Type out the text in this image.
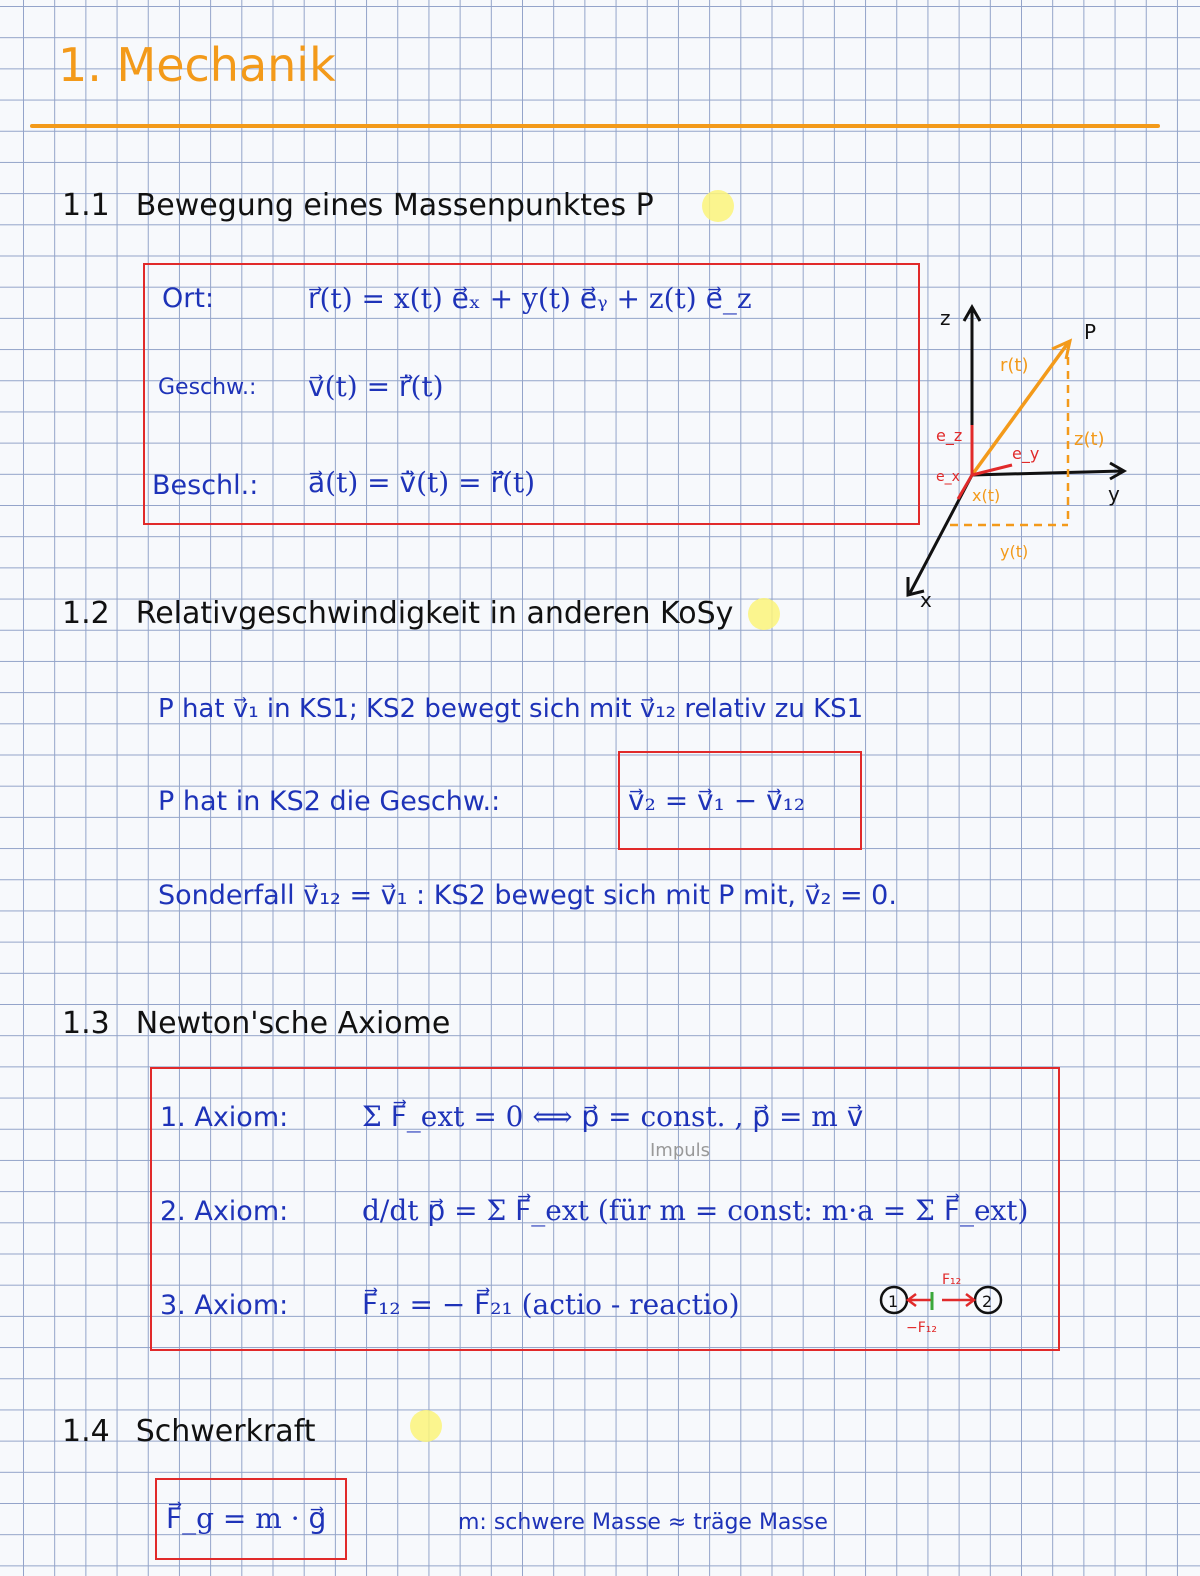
1. Mechanik
1.1 Bewegung eines Massenpunktes P
Ort:	r⃗(t) = x(t) e⃗ₓ + y(t) e⃗ᵧ + z(t) e⃗_z
Geschw.: v⃗(t) = r⃗̇(t)
Beschl.: a⃗(t) = v⃗̇(t) = r⃗̈(t)
z
y
x
P
r(t)
z(t)
x(t)
y(t)
e_z
e_y
e_x
1.2 Relativgeschwindigkeit in anderen KoSy
P hat v⃗₁ in KS1; KS2 bewegt sich mit v⃗₁₂ relativ zu KS1
P hat in KS2 die Geschw.:	v⃗₂ = v⃗₁ − v⃗₁₂
Sonderfall v⃗₁₂ = v⃗₁ : KS2 bewegt sich mit P mit, v⃗₂ = 0.
1.3 Newton'sche Axiome
1. Axiom:	Σ F⃗_ext = 0 ⟺ p⃗ = const. , p⃗ = m v⃗
Impuls
2. Axiom:	d/dt p⃗ = Σ F⃗_ext (für m = const: m·a = Σ F⃗_ext)
3. Axiom:	F⃗₁₂ = − F⃗₂₁ (actio - reactio)	1	2
F₁₂
−F₁₂
1.4 Schwerkraft
F⃗_g = m · g⃗	m: schwere Masse ≈ träge Masse
